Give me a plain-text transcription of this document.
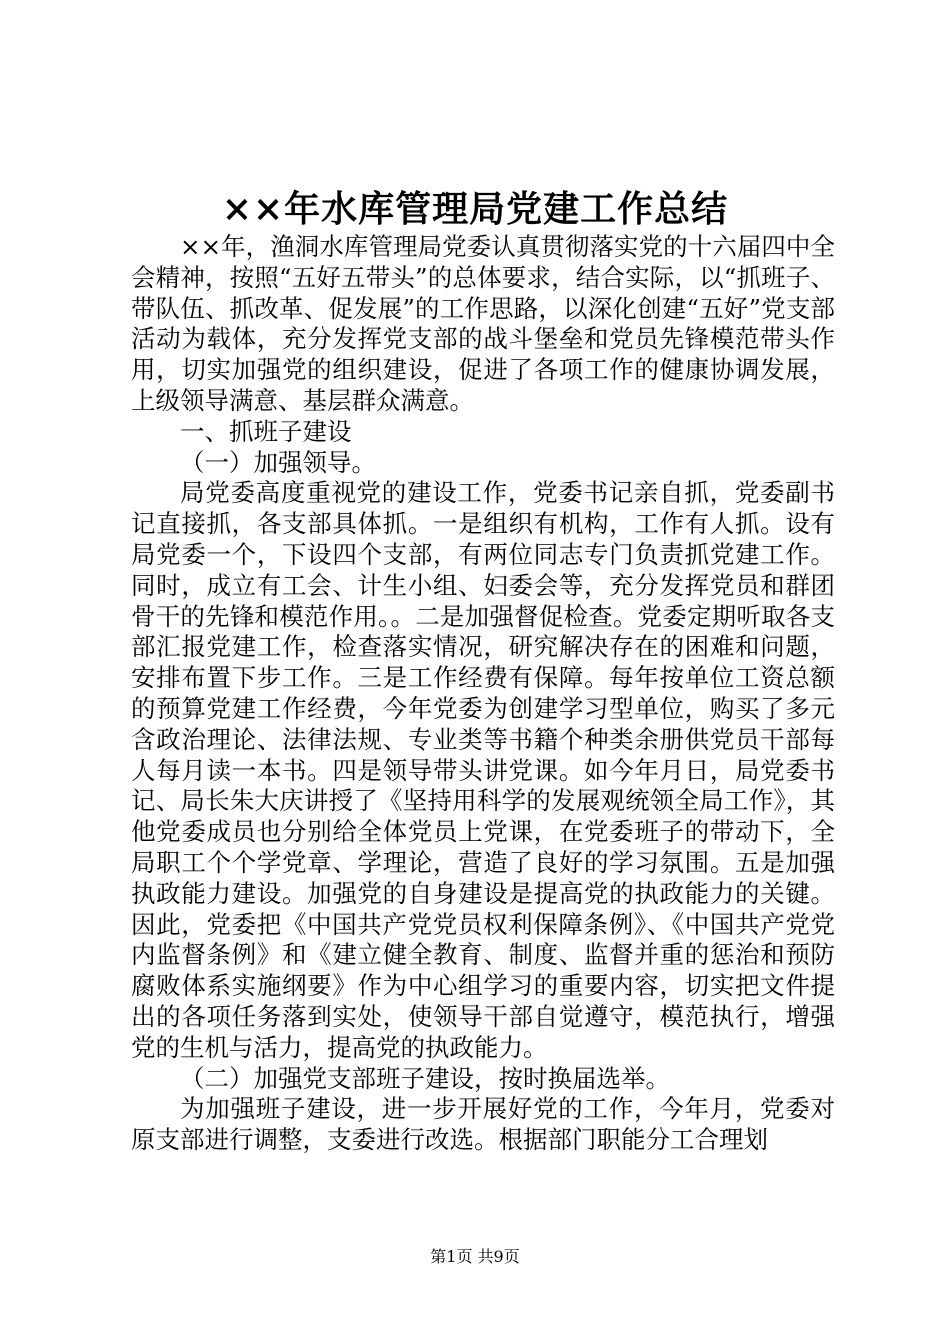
××年水库管理局党建工作总结

××年，渔洞水库管理局党委认真贯彻落实党的十六届四中全会精神，按照“五好五带头”的总体要求，结合实际，以“抓班子、带队伍、抓改革、促发展”的工作思路，以深化创建“五好”党支部活动为载体，充分发挥党支部的战斗堡垒和党员先锋模范带头作用，切实加强党的组织建设，促进了各项工作的健康协调发展，上级领导满意、基层群众满意。

一、抓班子建设

（一）加强领导。

局党委高度重视党的建设工作，党委书记亲自抓，党委副书记直接抓，各支部具体抓。一是组织有机构，工作有人抓。设有局党委一个，下设四个支部，有两位同志专门负责抓党建工作。同时，成立有工会、计生小组、妇委会等，充分发挥党员和群团骨干的先锋和模范作用。。二是加强督促检查。党委定期听取各支部汇报党建工作，检查落实情况，研究解决存在的困难和问题，安排布置下步工作。三是工作经费有保障。每年按单位工资总额的预算党建工作经费，今年党委为创建学习型单位，购买了多元含政治理论、法律法规、专业类等书籍个种类余册供党员干部每人每月读一本书。四是领导带头讲党课。如今年月日，局党委书记、局长朱大庆讲授了《坚持用科学的发展观统领全局工作》，其他党委成员也分别给全体党员上党课，在党委班子的带动下，全局职工个个学党章、学理论，营造了良好的学习氛围。五是加强执政能力建设。加强党的自身建设是提高党的执政能力的关键。因此，党委把《中国共产党党员权利保障条例》、《中国共产党党内监督条例》和《建立健全教育、制度、监督并重的惩治和预防腐败体系实施纲要》作为中心组学习的重要内容，切实把文件提出的各项任务落到实处，使领导干部自觉遵守，模范执行，增强党的生机与活力，提高党的执政能力。

（二）加强党支部班子建设，按时换届选举。

为加强班子建设，进一步开展好党的工作，今年月，党委对原支部进行调整，支委进行改选。根据部门职能分工合理划

第1页 共9页
